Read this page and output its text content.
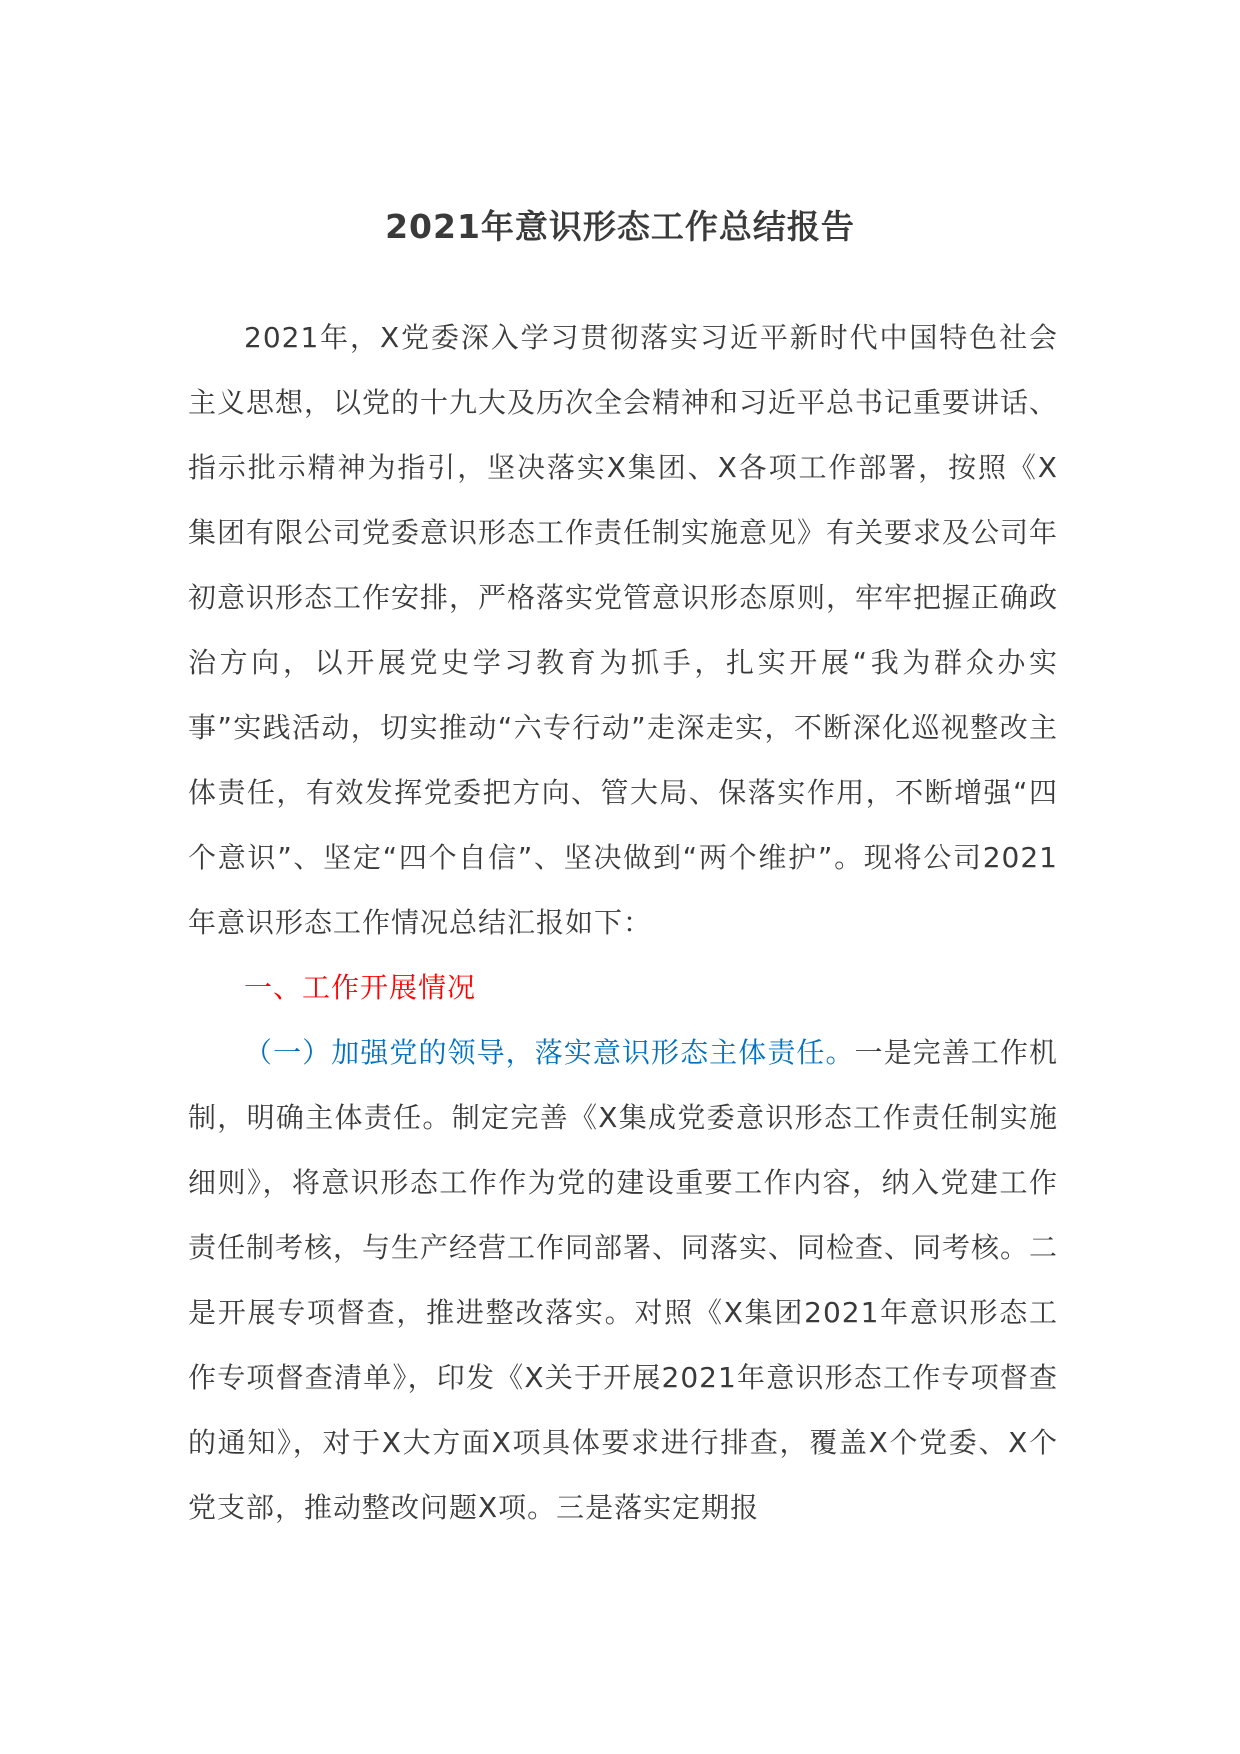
2021年意识形态工作总结报告

2021年，X党委深入学习贯彻落实习近平新时代中国特色社会主义思想，以党的十九大及历次全会精神和习近平总书记重要讲话、指示批示精神为指引，坚决落实X集团、X各项工作部署，按照《X集团有限公司党委意识形态工作责任制实施意见》有关要求及公司年初意识形态工作安排，严格落实党管意识形态原则，牢牢把握正确政治方向，以开展党史学习教育为抓手，扎实开展“我为群众办实事”实践活动，切实推动“六专行动”走深走实，不断深化巡视整改主体责任，有效发挥党委把方向、管大局、保落实作用，不断增强“四个意识”、坚定“四个自信”、坚决做到“两个维护”。现将公司2021年意识形态工作情况总结汇报如下：

一、工作开展情况

（一）加强党的领导，落实意识形态主体责任。一是完善工作机制，明确主体责任。制定完善《X集成党委意识形态工作责任制实施细则》，将意识形态工作作为党的建设重要工作内容，纳入党建工作责任制考核，与生产经营工作同部署、同落实、同检查、同考核。二是开展专项督查，推进整改落实。对照《X集团2021年意识形态工作专项督查清单》，印发《X关于开展2021年意识形态工作专项督查的通知》，对于X大方面X项具体要求进行排查，覆盖X个党委、X个党支部，推动整改问题X项。三是落实定期报
